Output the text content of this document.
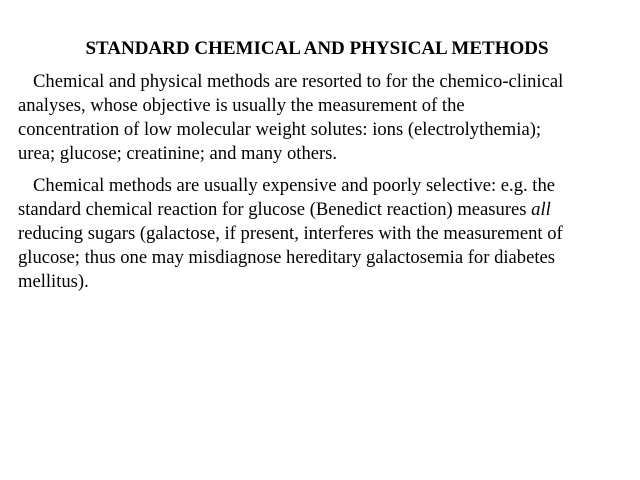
STANDARD CHEMICAL AND PHYSICAL METHODS

Chemical and physical methods are resorted to for the chemico-clinical
analyses, whose objective is usually the measurement of the
concentration of low molecular weight solutes: ions (electrolythemia);
urea; glucose; creatinine; and many others.

Chemical methods are usually expensive and poorly selective: e.g. the
standard chemical reaction for glucose (Benedict reaction) measures all
reducing sugars (galactose, if present, interferes with the measurement of
glucose; thus one may misdiagnose hereditary galactosemia for diabetes
mellitus).
